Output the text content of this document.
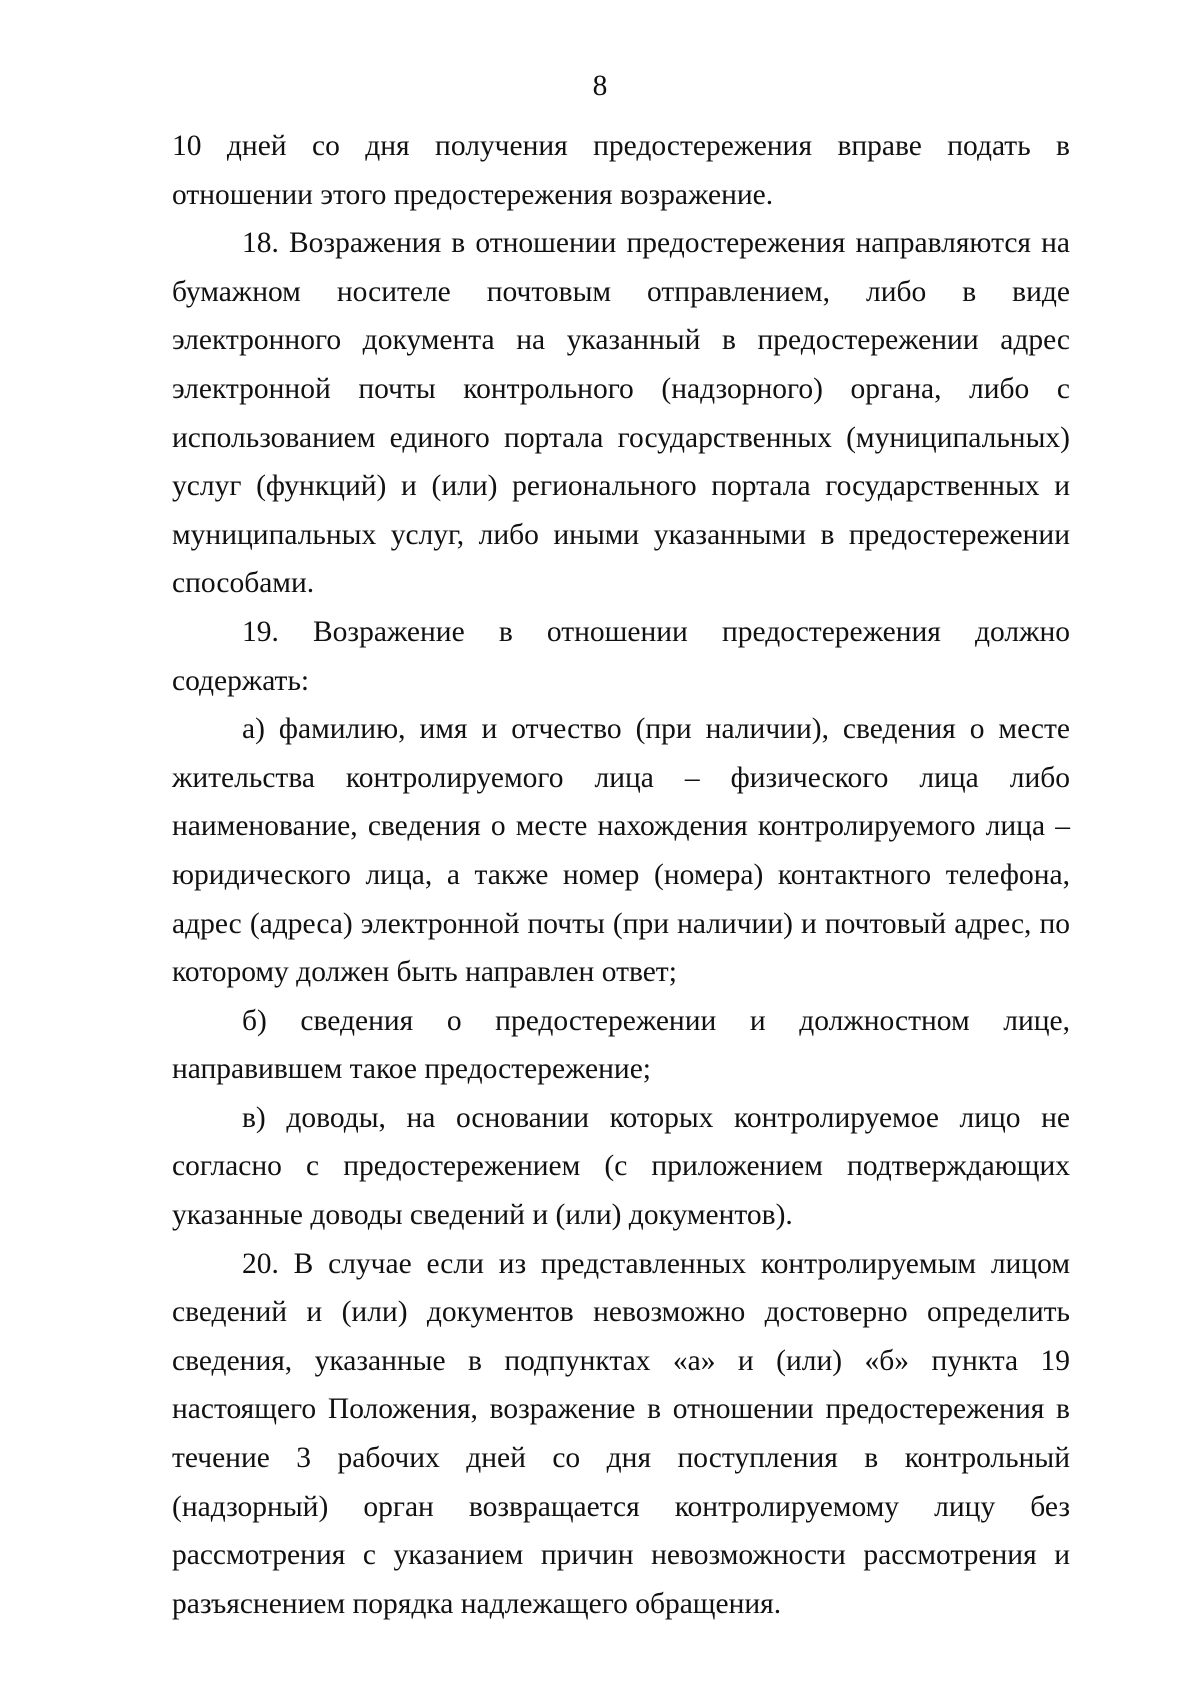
8

10 дней со дня получения предостережения вправе подать в отношении этого предостережения возражение.

18. Возражения в отношении предостережения направляются на бумажном носителе почтовым отправлением, либо в виде электронного документа на указанный в предостережении адрес электронной почты контрольного (надзорного) органа, либо с использованием единого портала государственных (муниципальных) услуг (функций) и (или) регионального портала государственных и муниципальных услуг, либо иными указанными в предостережении способами.

19. Возражение в отношении предостережения должно содержать:

а) фамилию, имя и отчество (при наличии), сведения о месте жительства контролируемого лица – физического лица либо наименование, сведения о месте нахождения контролируемого лица – юридического лица, а также номер (номера) контактного телефона, адрес (адреса) электронной почты (при наличии) и почтовый адрес, по которому должен быть направлен ответ;

б) сведения о предостережении и должностном лице, направившем такое предостережение;

в) доводы, на основании которых контролируемое лицо не согласно с предостережением (с приложением подтверждающих указанные доводы сведений и (или) документов).

20. В случае если из представленных контролируемым лицом сведений и (или) документов невозможно достоверно определить сведения, указанные в подпунктах «а» и (или) «б» пункта 19 настоящего Положения, возражение в отношении предостережения в течение 3 рабочих дней со дня поступления в контрольный (надзорный) орган возвращается контролируемому лицу без рассмотрения с указанием причин невозможности рассмотрения и разъяснением порядка надлежащего обращения.
